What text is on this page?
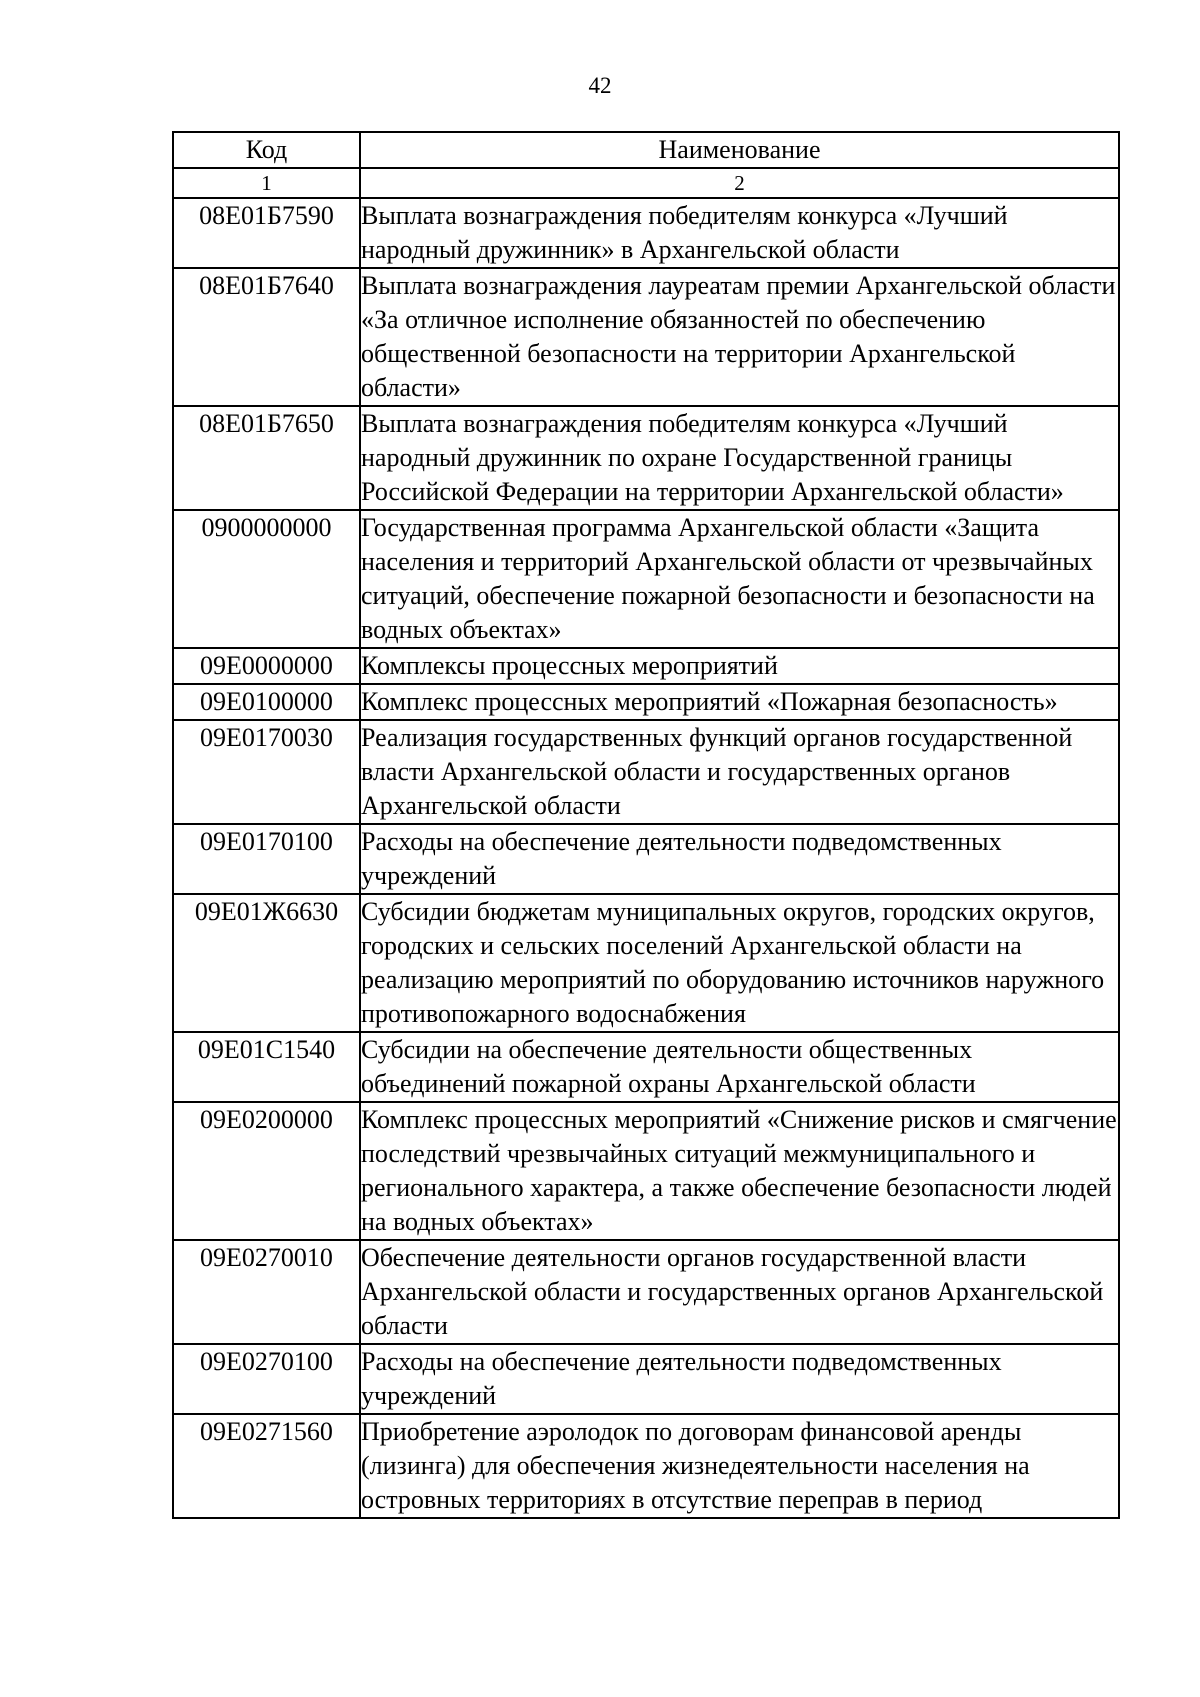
42
Код	Наименование
1	2
08Е01Б7590	Выплата вознаграждения победителям конкурса «Лучший народный дружинник» в Архангельской области
08Е01Б7640	Выплата вознаграждения лауреатам премии Архангельской области «За отличное исполнение обязанностей по обеспечению общественной безопасности на территории Архангельской области»
08Е01Б7650	Выплата вознаграждения победителям конкурса «Лучший народный дружинник по охране Государственной границы Российской Федерации на территории Архангельской области»
0900000000	Государственная программа Архангельской области «Защита населения и территорий Архангельской области от чрезвычайных ситуаций, обеспечение пожарной безопасности и безопасности на водных объектах»
09Е0000000	Комплексы процессных мероприятий
09Е0100000	Комплекс процессных мероприятий «Пожарная безопасность»
09Е0170030	Реализация государственных функций органов государственной власти Архангельской области и государственных органов Архангельской области
09Е0170100	Расходы на обеспечение деятельности подведомственных учреждений
09Е01Ж6630	Субсидии бюджетам муниципальных округов, городских округов, городских и сельских поселений Архангельской области на реализацию мероприятий по оборудованию источников наружного противопожарного водоснабжения
09Е01С1540	Субсидии на обеспечение деятельности общественных объединений пожарной охраны Архангельской области
09Е0200000	Комплекс процессных мероприятий «Снижение рисков и смягчение последствий чрезвычайных ситуаций межмуниципального и регионального характера, а также обеспечение безопасности людей на водных объектах»
09Е0270010	Обеспечение деятельности органов государственной власти Архангельской области и государственных органов Архангельской области
09Е0270100	Расходы на обеспечение деятельности подведомственных учреждений
09Е0271560	Приобретение аэролодок по договорам финансовой аренды (лизинга) для обеспечения жизнедеятельности населения на островных территориях в отсутствие переправ в период
